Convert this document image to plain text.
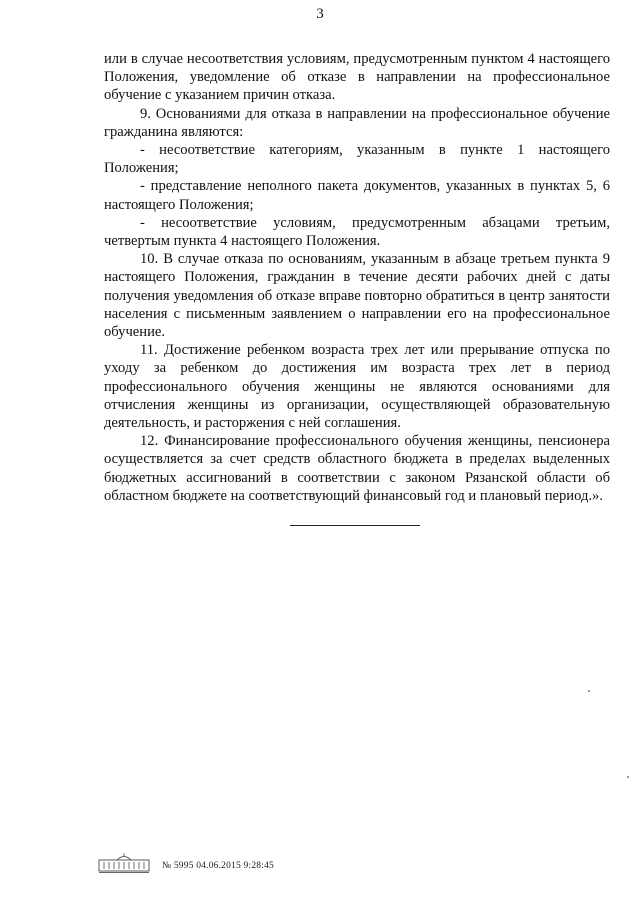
3

или в случае несоответствия условиям, предусмотренным пунктом 4 настоящего Положения, уведомление об отказе в направлении на профессиональное обучение с указанием причин отказа.

9. Основаниями для отказа в направлении на профессиональное обучение гражданина являются:

- несоответствие категориям, указанным в пункте 1 настоящего Положения;

- представление неполного пакета документов, указанных в пунктах 5, 6 настоящего Положения;

- несоответствие условиям, предусмотренным абзацами третьим, четвертым пункта 4 настоящего Положения.

10. В случае отказа по основаниям, указанным в абзаце третьем пункта 9 настоящего Положения, гражданин в течение десяти рабочих дней с даты получения уведомления об отказе вправе повторно обратиться в центр занятости населения с письменным заявлением о направлении его на профессиональное обучение.

11. Достижение ребенком возраста трех лет или прерывание отпуска по уходу за ребенком до достижения им возраста трех лет в период профессионального обучения женщины не являются основаниями для отчисления женщины из организации, осуществляющей образовательную деятельность, и расторжения с ней соглашения.

12. Финансирование профессионального обучения женщины, пенсионера осуществляется за счет средств областного бюджета в пределах выделенных бюджетных ассигнований в соответствии с законом Рязанской области об областном бюджете на соответствующий финансовый год и плановый период.».

№ 5995 04.06.2015 9:28:45
